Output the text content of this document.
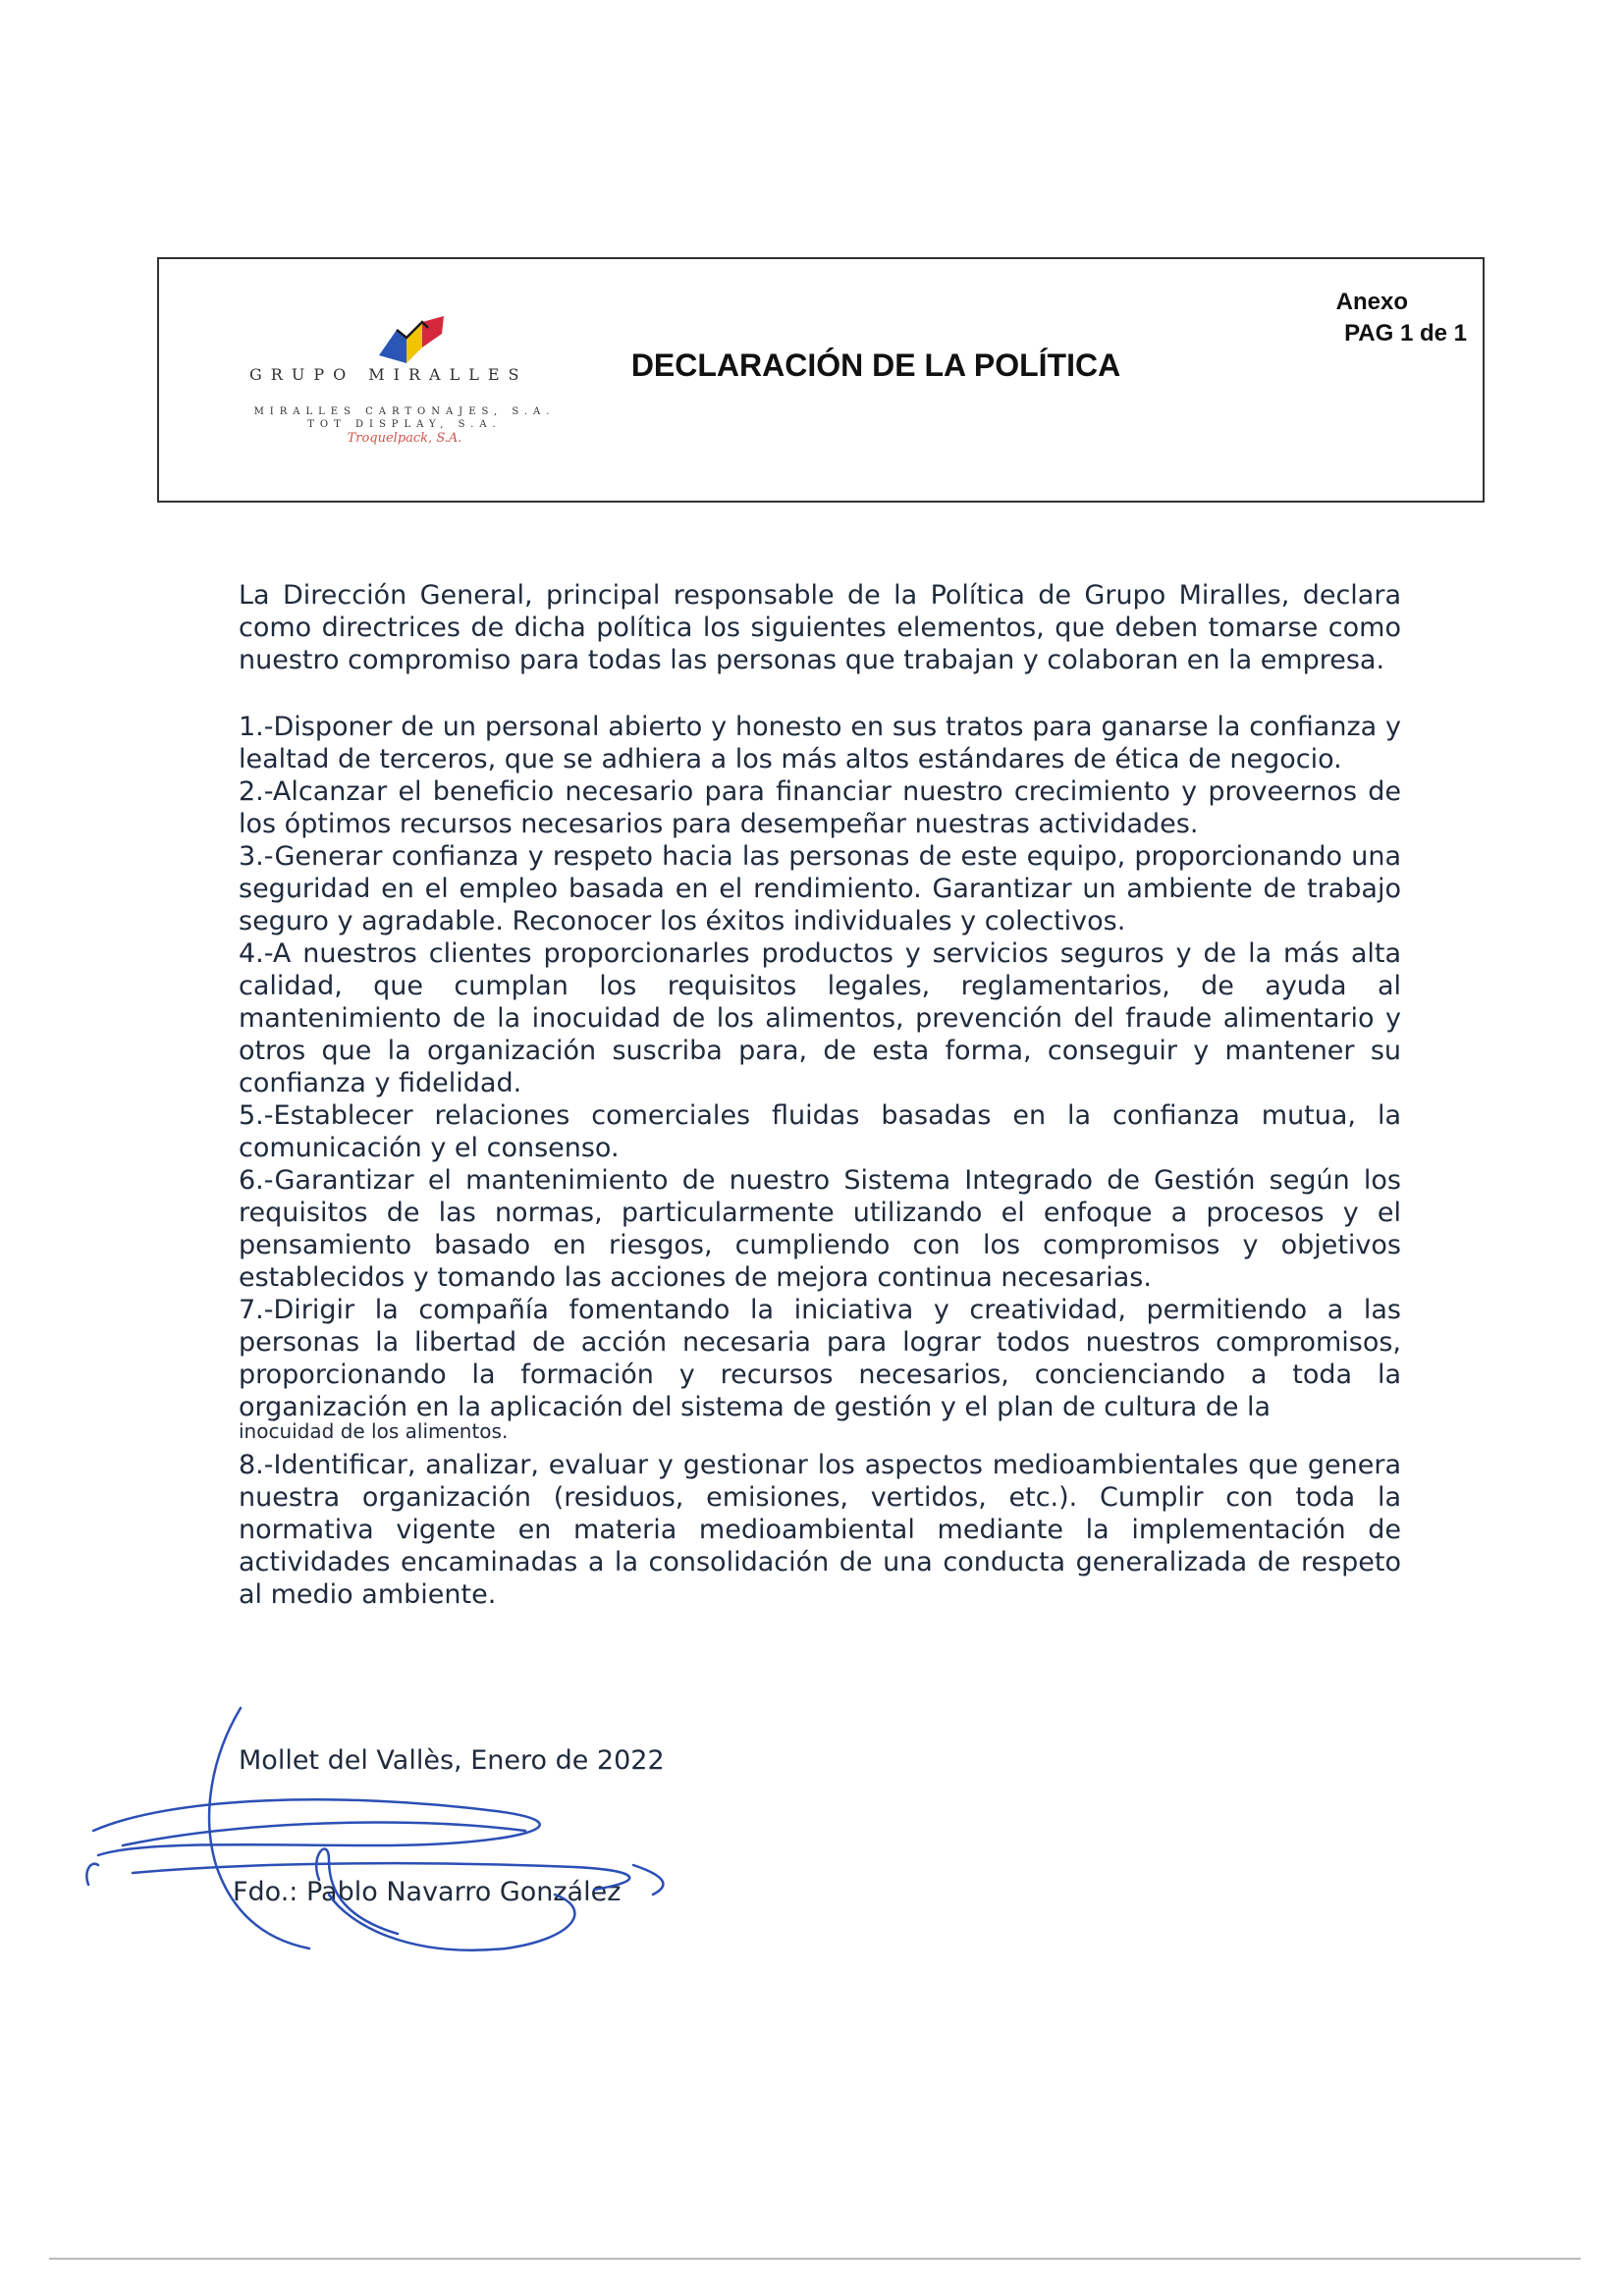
GRUPO MIRALLES
MIRALLES CARTONAJES, S.A.
TOT DISPLAY, S.A.
Troquelpack, S.A.
DECLARACIÓN DE LA POLÍTICA
Anexo
PAG 1 de 1

La Dirección General, principal responsable de la Política de Grupo Miralles, declara como directrices de dicha política los siguientes elementos, que deben tomarse como nuestro compromiso para todas las personas que trabajan y colaboran en la empresa.

1.-Disponer de un personal abierto y honesto en sus tratos para ganarse la confianza y lealtad de terceros, que se adhiera a los más altos estándares de ética de negocio.
2.-Alcanzar el beneficio necesario para financiar nuestro crecimiento y proveernos de los óptimos recursos necesarios para desempeñar nuestras actividades.
3.-Generar confianza y respeto hacia las personas de este equipo, proporcionando una seguridad en el empleo basada en el rendimiento. Garantizar un ambiente de trabajo seguro y agradable. Reconocer los éxitos individuales y colectivos.
4.-A nuestros clientes proporcionarles productos y servicios seguros y de la más alta calidad, que cumplan los requisitos legales, reglamentarios, de ayuda al mantenimiento de la inocuidad de los alimentos, prevención del fraude alimentario y otros que la organización suscriba para, de esta forma, conseguir y mantener su confianza y fidelidad.
5.-Establecer relaciones comerciales fluidas basadas en la confianza mutua, la comunicación y el consenso.
6.-Garantizar el mantenimiento de nuestro Sistema Integrado de Gestión según los requisitos de las normas, particularmente utilizando el enfoque a procesos y el pensamiento basado en riesgos, cumpliendo con los compromisos y objetivos establecidos y tomando las acciones de mejora continua necesarias.
7.-Dirigir la compañía fomentando la iniciativa y creatividad, permitiendo a las personas la libertad de acción necesaria para lograr todos nuestros compromisos, proporcionando la formación y recursos necesarios, concienciando a toda la organización en la aplicación del sistema de gestión y el plan de cultura de la
inocuidad de los alimentos.
8.-Identificar, analizar, evaluar y gestionar los aspectos medioambientales que genera nuestra organización (residuos, emisiones, vertidos, etc.). Cumplir con toda la normativa vigente en materia medioambiental mediante la implementación de actividades encaminadas a la consolidación de una conducta generalizada de respeto al medio ambiente.
Mollet del Vallès, Enero de 2022
Fdo.: Pablo Navarro González
